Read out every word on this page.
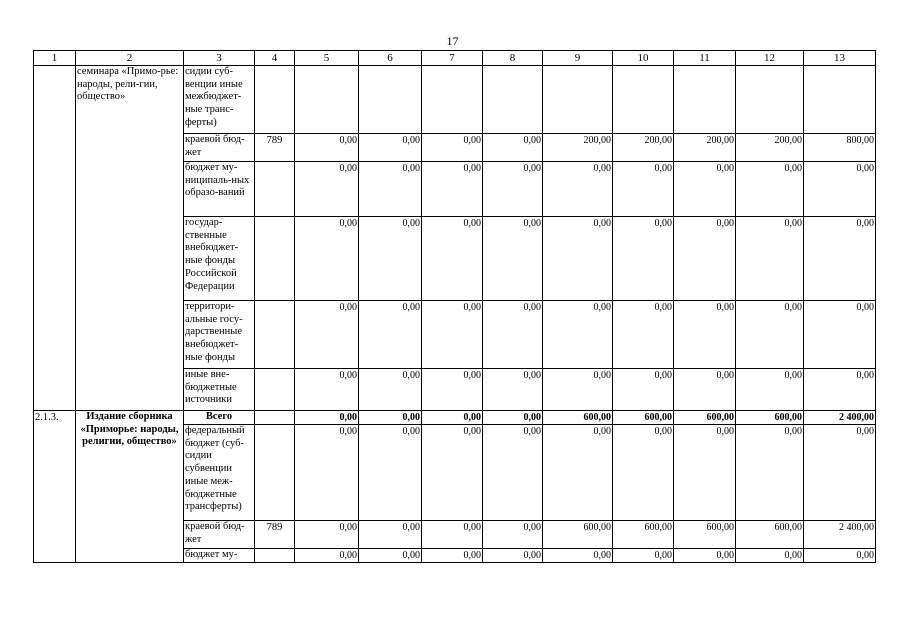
17
1	2	3	4	5	6	7	8	9	10	11	12	13
	семинара «Примо-рье: народы, рели-гии, общество»	сидии суб-венции иные межбюджет-ные транс-ферты)										
		краевой бюд-жет	789	0,00	0,00	0,00	0,00	200,00	200,00	200,00	200,00	800,00
		бюджет му-ниципаль-ных образо-ваний		0,00	0,00	0,00	0,00	0,00	0,00	0,00	0,00	0,00
		государ-ственные внебюджет-ные фонды Российской Федерации		0,00	0,00	0,00	0,00	0,00	0,00	0,00	0,00	0,00
		территори-альные госу-дарственные внебюджет-ные фонды		0,00	0,00	0,00	0,00	0,00	0,00	0,00	0,00	0,00
		иные вне-бюджетные источники		0,00	0,00	0,00	0,00	0,00	0,00	0,00	0,00	0,00
2.1.3.	Издание сборника «Приморье: народы, религии, общество»	Всего		0,00	0,00	0,00	0,00	600,00	600,00	600,00	600,00	2 400,00
		федеральный бюджет (суб-сидии субвенции иные меж-бюджетные трансферты)		0,00	0,00	0,00	0,00	0,00	0,00	0,00	0,00	0,00
		краевой бюд-жет	789	0,00	0,00	0,00	0,00	600,00	600,00	600,00	600,00	2 400,00
		бюджет му-		0,00	0,00	0,00	0,00	0,00	0,00	0,00	0,00	0,00
